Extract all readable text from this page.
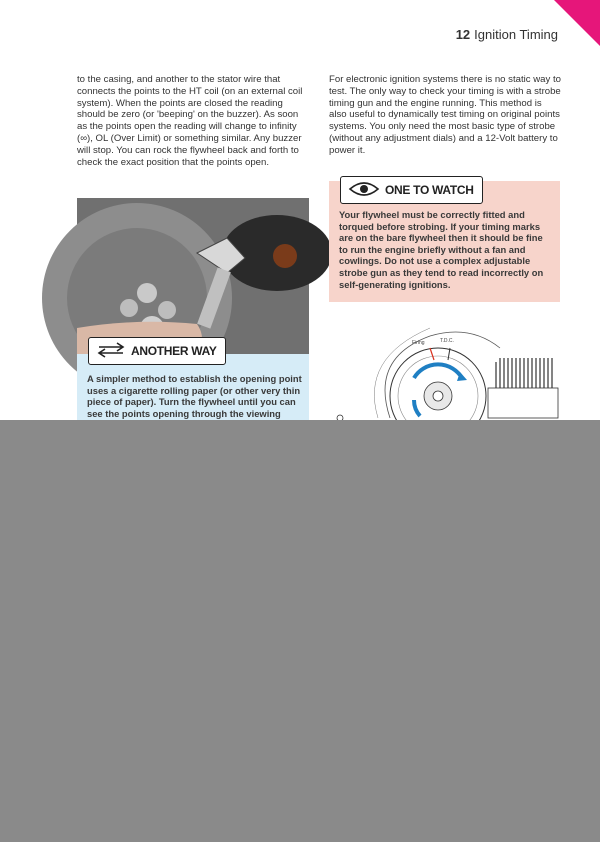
12 Ignition Timing

to the casing, and another to the stator wire that connects the points to the HT coil (on an external coil system). When the points are closed the reading should be zero (or 'beeping' on the buzzer). As soon as the points open the reading will change to infinity (∞), OL (Over Limit) or something similar. Any buzzer will stop. You can rock the flywheel back and forth to check the exact position that the points open.

For electronic ignition systems there is no static way to test. The only way to check your timing is with a strobe timing gun and the engine running. This method is also useful to dynamically test timing on original points systems. You only need the most basic type of strobe (without any adjustment dials) and a 12-Volt battery to power it.

ANOTHER WAY

A simpler method to establish the opening point uses a cigarette rolling paper (or other very thin piece of paper). Turn the flywheel until you can see the points opening through the viewing

ONE TO WATCH

Your flywheel must be correctly fitted and torqued before strobing. If your timing marks are on the bare flywheel then it should be fine to run the engine briefly without a fan and cowlings. Do not use a complex adjustable strobe gun as they tend to read incorrectly on self-generating ignitions.

Firing	T.D.C.
